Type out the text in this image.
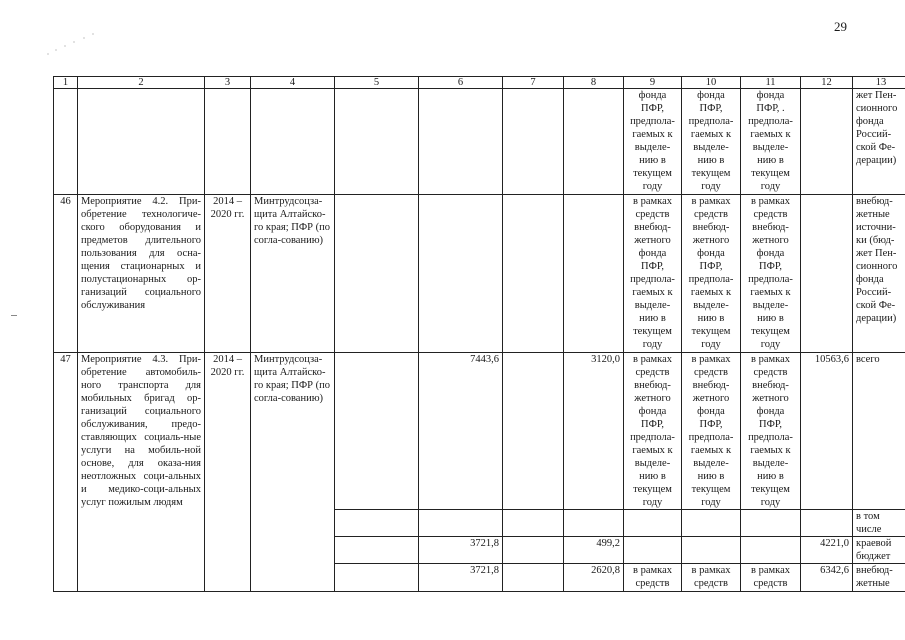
29
1	2	3	4	5	6	7	8	9	10	11	12	13
								фонда ПФР, предпола-гаемых к выделе-нию в текущем году	фонда ПФР, предпола-гаемых к выделе-нию в текущем году	фонда ПФР, . предпола-гаемых к выделе-нию в текущем году		жет Пен-сионного фонда Россий-ской Фе-дерации)
46	Мероприятие 4.2. При-обретение технологиче-ского оборудования и предметов длительного пользования для осна-щения стационарных и полустационарных ор-ганизаций социального обслуживания	2014 – 2020 гг.	Минтрудсоцза-щита Алтайско-го края; ПФР (по согла-сованию)					в рамках средств внебюд-жетного фонда ПФР, предпола-гаемых к выделе-нию в текущем году	в рамках средств внебюд-жетного фонда ПФР, предпола-гаемых к выделе-нию в текущем году	в рамках средств внебюд-жетного фонда ПФР, предпола-гаемых к выделе-нию в текущем году		внебюд-жетные источни-ки (бюд-жет Пен-сионного фонда Россий-ской Фе-дерации)
47	Мероприятие 4.3. При-обретение автомобиль-ного транспорта для мобильных бригад ор-ганизаций социального обслуживания, предо-ставляющих социаль-ные услуги на мобиль-ной основе, для оказа-ния неотложных соци-альных и медико-соци-альных услуг пожилым людям	2014 – 2020 гг.	Минтрудсоцза-щита Алтайско-го края; ПФР (по согла-сованию)		7443,6		3120,0	в рамках средств внебюд-жетного фонда ПФР, предпола-гаемых к выделе-нию в текущем году	в рамках средств внебюд-жетного фонда ПФР, предпола-гаемых к выделе-нию в текущем году	в рамках средств внебюд-жетного фонда ПФР, предпола-гаемых к выделе-нию в текущем году	10563,6	всего
												в том числе
					3721,8		499,2				4221,0	краевой бюджет
					3721,8		2620,8	в рамках средств	в рамках средств	в рамках средств	6342,6	внебюд-жетные
